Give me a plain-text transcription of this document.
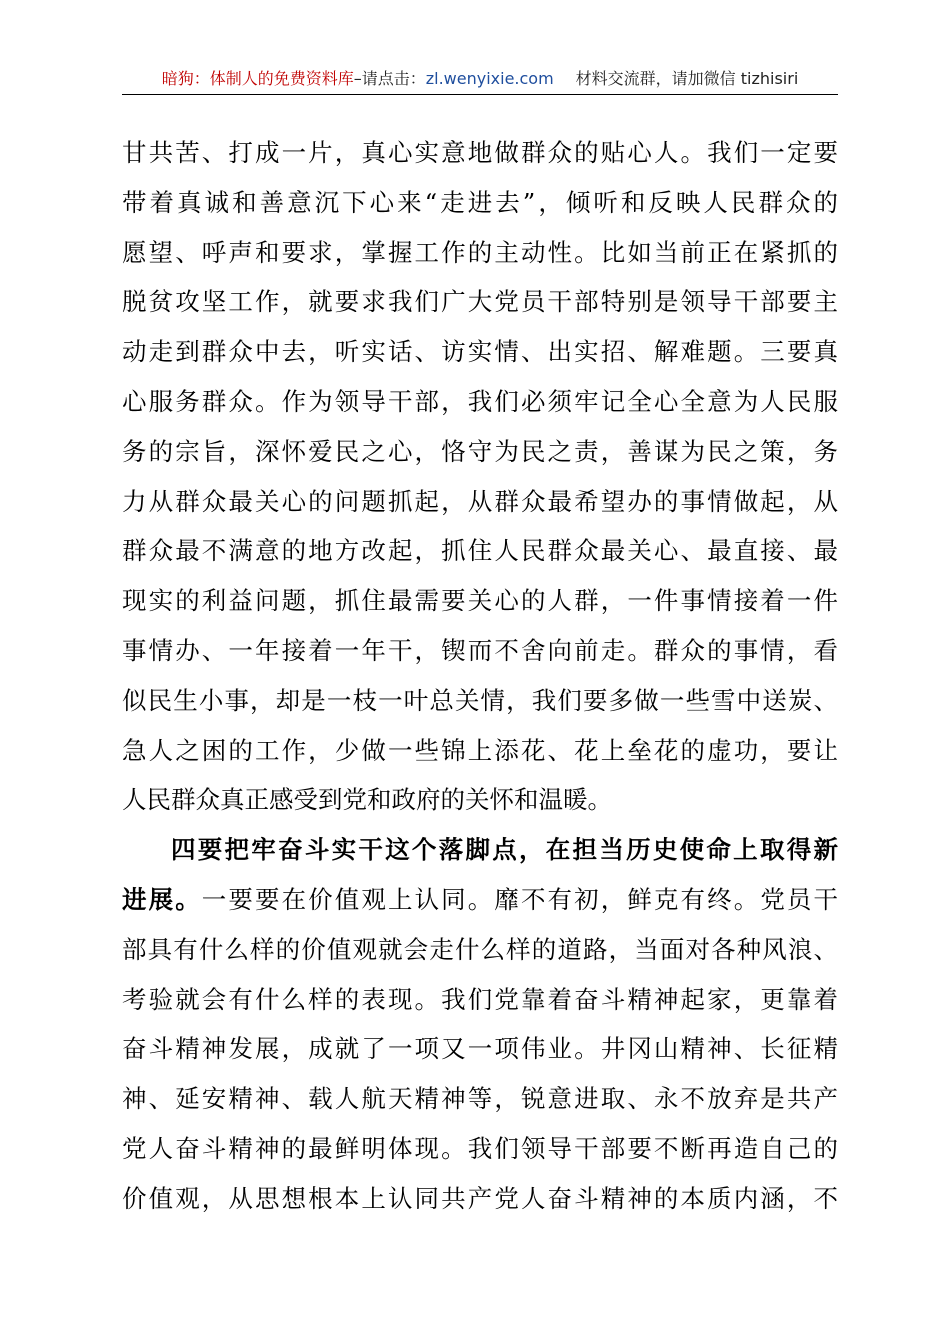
暗狗：体制人的免费资料库–请点击：zl.wenyixie.com 材料交流群，请加微信 tizhisiri

甘共苦、打成一片，真心实意地做群众的贴心人。我们一定要
带着真诚和善意沉下心来“走进去”，倾听和反映人民群众的
愿望、呼声和要求，掌握工作的主动性。比如当前正在紧抓的
脱贫攻坚工作，就要求我们广大党员干部特别是领导干部要主
动走到群众中去，听实话、访实情、出实招、解难题。三要真
心服务群众。作为领导干部，我们必须牢记全心全意为人民服
务的宗旨，深怀爱民之心，恪守为民之责，善谋为民之策，务
力从群众最关心的问题抓起，从群众最希望办的事情做起，从
群众最不满意的地方改起，抓住人民群众最关心、最直接、最
现实的利益问题，抓住最需要关心的人群，一件事情接着一件
事情办、一年接着一年干，锲而不舍向前走。群众的事情，看
似民生小事，却是一枝一叶总关情，我们要多做一些雪中送炭、
急人之困的工作，少做一些锦上添花、花上垒花的虚功，要让
人民群众真正感受到党和政府的关怀和温暖。

四要把牢奋斗实干这个落脚点，在担当历史使命上取得新
进展。一要要在价值观上认同。靡不有初，鲜克有终。党员干
部具有什么样的价值观就会走什么样的道路，当面对各种风浪、
考验就会有什么样的表现。我们党靠着奋斗精神起家，更靠着
奋斗精神发展，成就了一项又一项伟业。井冈山精神、长征精
神、延安精神、载人航天精神等，锐意进取、永不放弃是共产
党人奋斗精神的最鲜明体现。我们领导干部要不断再造自己的
价值观，从思想根本上认同共产党人奋斗精神的本质内涵，不
